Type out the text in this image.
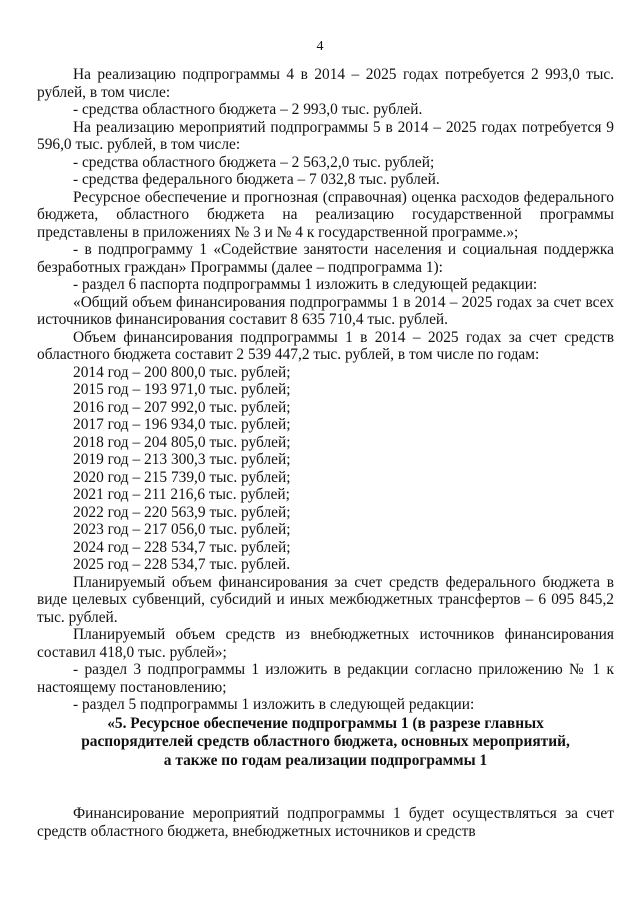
4

На реализацию подпрограммы 4 в 2014 – 2025 годах потребуется 2 993,0 тыс. рублей, в том числе:

- средства областного бюджета – 2 993,0 тыс. рублей.

На реализацию мероприятий подпрограммы 5 в 2014 – 2025 годах потребуется 9 596,0 тыс. рублей, в том числе:

- средства областного бюджета – 2 563,2,0 тыс. рублей;

- средства федерального бюджета – 7 032,8 тыс. рублей.

Ресурсное обеспечение и прогнозная (справочная) оценка расходов федерального бюджета, областного бюджета на реализацию государственной программы представлены в приложениях № 3 и № 4 к государственной программе.»;

- в подпрограмму 1 «Содействие занятости населения и социальная поддержка безработных граждан» Программы (далее – подпрограмма 1):

- раздел 6 паспорта подпрограммы 1 изложить в следующей редакции:

«Общий объем финансирования подпрограммы 1 в 2014 – 2025 годах за счет всех источников финансирования составит 8 635 710,4 тыс. рублей.

Объем финансирования подпрограммы 1 в 2014 – 2025 годах за счет средств областного бюджета составит 2 539 447,2 тыс. рублей, в том числе по годам:

2014 год – 200 800,0 тыс. рублей;

2015 год – 193 971,0 тыс. рублей;

2016 год – 207 992,0 тыс. рублей;

2017 год – 196 934,0 тыс. рублей;

2018 год – 204 805,0 тыс. рублей;

2019 год – 213 300,3 тыс. рублей;

2020 год – 215 739,0 тыс. рублей;

2021 год – 211 216,6 тыс. рублей;

2022 год – 220 563,9 тыс. рублей;

2023 год – 217 056,0 тыс. рублей;

2024 год – 228 534,7 тыс. рублей;

2025 год – 228 534,7 тыс. рублей.

Планируемый объем финансирования за счет средств федерального бюджета в виде целевых субвенций, субсидий и иных межбюджетных трансфертов – 6 095 845,2 тыс. рублей.

Планируемый объем средств из внебюджетных источников финансирования составил 418,0 тыс. рублей»;

- раздел 3 подпрограммы 1 изложить в редакции согласно приложению № 1 к настоящему постановлению;

- раздел 5 подпрограммы 1 изложить в следующей редакции:

«5. Ресурсное обеспечение подпрограммы 1 (в разрезе главных

распорядителей средств областного бюджета, основных мероприятий,

а также по годам реализации подпрограммы 1

Финансирование мероприятий подпрограммы 1 будет осуществляться за счет средств областного бюджета, внебюджетных источников и средств
